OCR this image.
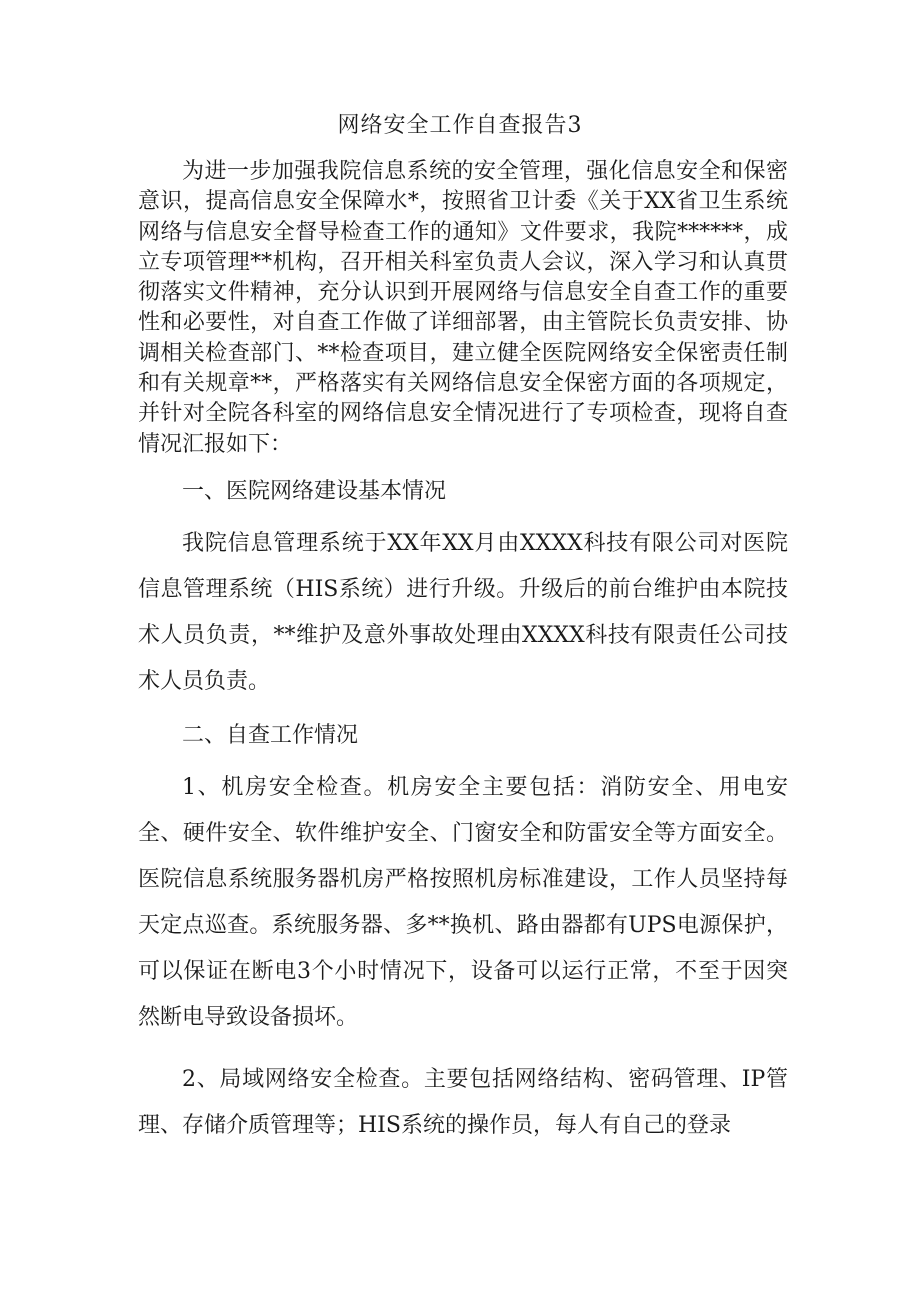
网络安全工作自查报告3

为进一步加强我院信息系统的安全管理，强化信息安全和保密意识，提高信息安全保障水*，按照省卫计委《关于XX省卫生系统网络与信息安全督导检查工作的通知》文件要求，我院******，成立专项管理**机构，召开相关科室负责人会议，深入学习和认真贯彻落实文件精神，充分认识到开展网络与信息安全自查工作的重要性和必要性，对自查工作做了详细部署，由主管院长负责安排、协调相关检查部门、**检查项目，建立健全医院网络安全保密责任制和有关规章**，严格落实有关网络信息安全保密方面的各项规定，并针对全院各科室的网络信息安全情况进行了专项检查，现将自查情况汇报如下：

一、医院网络建设基本情况

我院信息管理系统于XX年XX月由XXXX科技有限公司对医院信息管理系统（HIS系统）进行升级。升级后的前台维护由本院技术人员负责，**维护及意外事故处理由XXXX科技有限责任公司技术人员负责。

二、自查工作情况

1、机房安全检查。机房安全主要包括：消防安全、用电安全、硬件安全、软件维护安全、门窗安全和防雷安全等方面安全。医院信息系统服务器机房严格按照机房标准建设，工作人员坚持每天定点巡查。系统服务器、多**换机、路由器都有UPS电源保护，可以保证在断电3个小时情况下，设备可以运行正常，不至于因突然断电导致设备损坏。

2、局域网络安全检查。主要包括网络结构、密码管理、IP管理、存储介质管理等；HIS系统的操作员，每人有自己的登录
